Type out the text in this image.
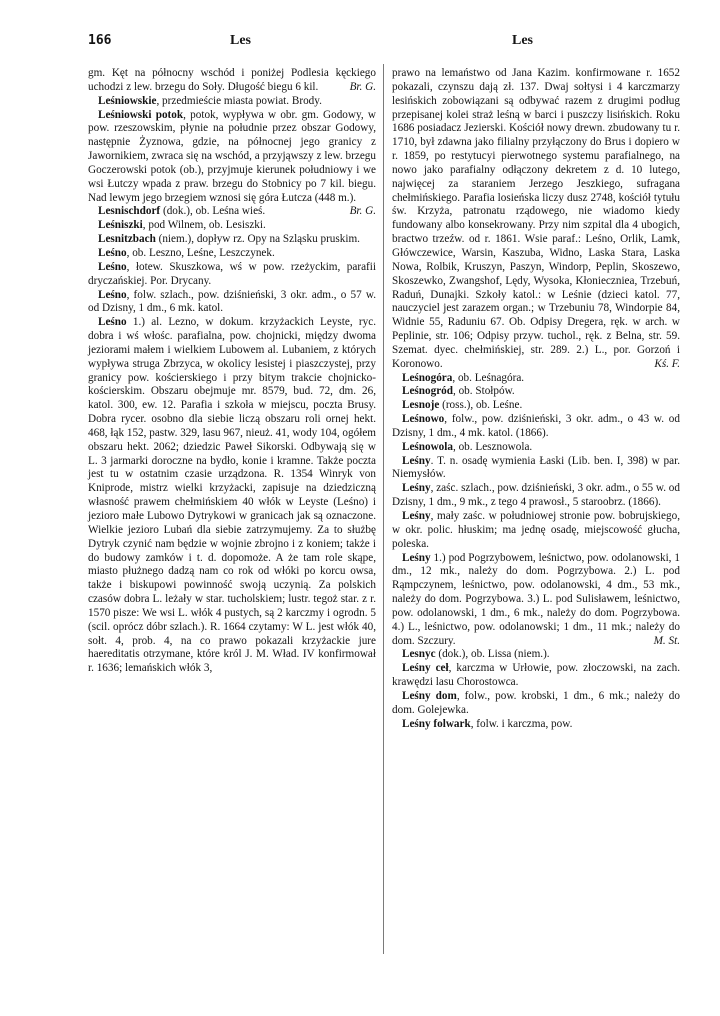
166	Les	Les

gm. Kęt na północny wschód i poniżej Podlesia kęckiego uchodzi z lew. brzegu do Soły. Długość biegu 6 kil.	Br. G.

Leśniowskie, przedmieście miasta powiat. Brody.

Leśniowski potok, potok, wypływa w obr. gm. Godowy, w pow. rzeszowskim, płynie na południe przez obszar Godowy, następnie Żyznowa, gdzie, na północnej jego granicy z Jawornikiem, zwraca się na wschód, a przyjąwszy z lew. brzegu Goczerowski potok (ob.), przyjmuje kierunek południowy i we wsi Łutczy wpada z praw. brzegu do Stobnicy po 7 kil. biegu. Nad lewym jego brzegiem wznosi się góra Łutcza (448 m.).
Br. G.

Lesnischdorf (dok.), ob. Leśna wieś.

Leśniszki, pod Wilnem, ob. Lesiszki.

Lesnitzbach (niem.), dopływ rz. Opy na Szląsku pruskim.

Leśno, ob. Leszno, Leśne, Leszczynek.

Leśno, łotew. Skuszkowa, wś w pow. rzeżyckim, parafii dryczańskiej. Por. Drycany.

Leśno, folw. szlach., pow. dziśnieński, 3 okr. adm., o 57 w. od Dzisny, 1 dm., 6 mk. katol.

Leśno 1.) al. Lezno, w dokum. krzyżackich Leyste, ryc. dobra i wś włośc. parafialna, pow. chojnicki, między dwoma jeziorami małem i wielkiem Lubowem al. Lubaniem, z których wypływa struga Zbrzyca, w okolicy lesistej i piaszczystej, przy granicy pow. kościerskiego i przy bitym trakcie chojnicko-kościerskim. Obszaru obejmuje mr. 8579, bud. 72, dm. 26, katol. 300, ew. 12. Parafia i szkoła w miejscu, poczta Brusy. Dobra rycer. osobno dla siebie liczą obszaru roli ornej hekt. 468, łąk 152, pastw. 329, lasu 967, nieuż. 41, wody 104, ogółem obszaru hekt. 2062; dziedzic Paweł Sikorski. Odbywają się w L. 3 jarmarki doroczne na bydło, konie i kramne. Także poczta jest tu w ostatnim czasie urządzona. R. 1354 Winryk von Kniprode, mistrz wielki krzyżacki, zapisuje na dziedziczną własność prawem chełmińskiem 40 włók w Leyste (Leśno) i jezioro małe Lubowo Dytrykowi w granicach jak są oznaczone. Wielkie jezioro Lubań dla siebie zatrzymujemy. Za to służbę Dytryk czynić nam będzie w wojnie zbrojno i z koniem; także i do budowy zamków i t. d. dopomoże. A że tam role skąpe, miasto płużnego dadzą nam co rok od włóki po korcu owsa, także i biskupowi powinność swoją uczynią. Za polskich czasów dobra L. leżały w star. tucholskiem; lustr. tegoż star. z r. 1570 pisze: We wsi L. włók 4 pustych, są 2 karczmy i ogrodn. 5 (scil. oprócz dóbr szlach.). R. 1664 czytamy: W L. jest włók 40, sołt. 4, prob. 4, na co prawo pokazali krzyżackie jure haereditatis otrzymane, które król J. M. Wład. IV konfirmował r. 1636; lemańskich włók 3,

prawo na lemaństwo od Jana Kazim. konfirmowane r. 1652 pokazali, czynszu dają zł. 137. Dwaj sołtysi i 4 karczmarzy lesińskich zobowiązani są odbywać razem z drugimi podług przepisanej kolei straż leśną w barci i puszczy lisińskich. Roku 1686 posiadacz Jezierski. Kościół nowy drewn. zbudowany tu r. 1710, był zdawna jako filialny przyłączony do Brus i dopiero w r. 1859, po restytucyi pierwotnego systemu parafialnego, na nowo jako parafialny odłączony dekretem z d. 10 lutego, najwięcej za staraniem Jerzego Jeszkiego, sufragana chełmińskiego. Parafia losieńska liczy dusz 2748, kościół tytułu św. Krzyża, patronatu rządowego, nie wiadomo kiedy fundowany albo konsekrowany. Przy nim szpital dla 4 ubogich, bractwo trzeźw. od r. 1861. Wsie paraf.: Leśno, Orlik, Lamk, Główczewice, Warsin, Kaszuba, Widno, Laska Stara, Laska Nowa, Rolbik, Kruszyn, Paszyn, Windorp, Peplin, Skoszewo, Skoszewko, Zwangshof, Lędy, Wysoka, Kłonieczniea, Trzebuń, Raduń, Dunajki. Szkoły katol.: w Leśnie (dzieci katol. 77, nauczyciel jest zarazem organ.; w Trzebuniu 78, Windorpie 84, Widnie 55, Raduniu 67. Ob. Odpisy Dregera, ręk. w arch. w Peplinie, str. 106; Odpisy przyw. tuchol., ręk. z Belna, str. 59. Szemat. dyec. chełmińskiej, str. 289. 2.) L., por. Gorzoń i Koronowo.	Kś. F.

Leśnogóra, ob. Leśnagóra.

Leśnogród, ob. Stołpów.

Lesnoje (ross.), ob. Leśne.

Leśnowo, folw., pow. dziśnieński, 3 okr. adm., o 43 w. od Dzisny, 1 dm., 4 mk. katol. (1866).

Leśnowola, ob. Lesznowola.

Leśny. T. n. osadę wymienia Łaski (Lib. ben. I, 398) w par. Niemysłów.

Leśny, zaśc. szlach., pow. dziśnieński, 3 okr. adm., o 55 w. od Dzisny, 1 dm., 9 mk., z tego 4 prawosł., 5 staroobrz. (1866).

Leśny, mały zaśc. w południowej stronie pow. bobrujskiego, w okr. polic. hłuskim; ma jednę osadę, miejscowość głucha, poleska.

Leśny 1.) pod Pogrzybowem, leśnictwo, pow. odolanowski, 1 dm., 12 mk., należy do dom. Pogrzybowa. 2.) L. pod Rąmpczynem, leśnictwo, pow. odolanowski, 4 dm., 53 mk., należy do dom. Pogrzybowa. 3.) L. pod Sulisławem, leśnictwo, pow. odolanowski, 1 dm., 6 mk., należy do dom. Pogrzybowa. 4.) L., leśnictwo, pow. odolanowski; 1 dm., 11 mk.; należy do dom. Szczury.	M. St.

Lesnyc (dok.), ob. Lissa (niem.).

Leśny ceł, karczma w Urłowie, pow. złoczowski, na zach. krawędzi lasu Chorostowca.

Leśny dom, folw., pow. krobski, 1 dm., 6 mk.; należy do dom. Golejewka.

Leśny folwark, folw. i karczma, pow.
